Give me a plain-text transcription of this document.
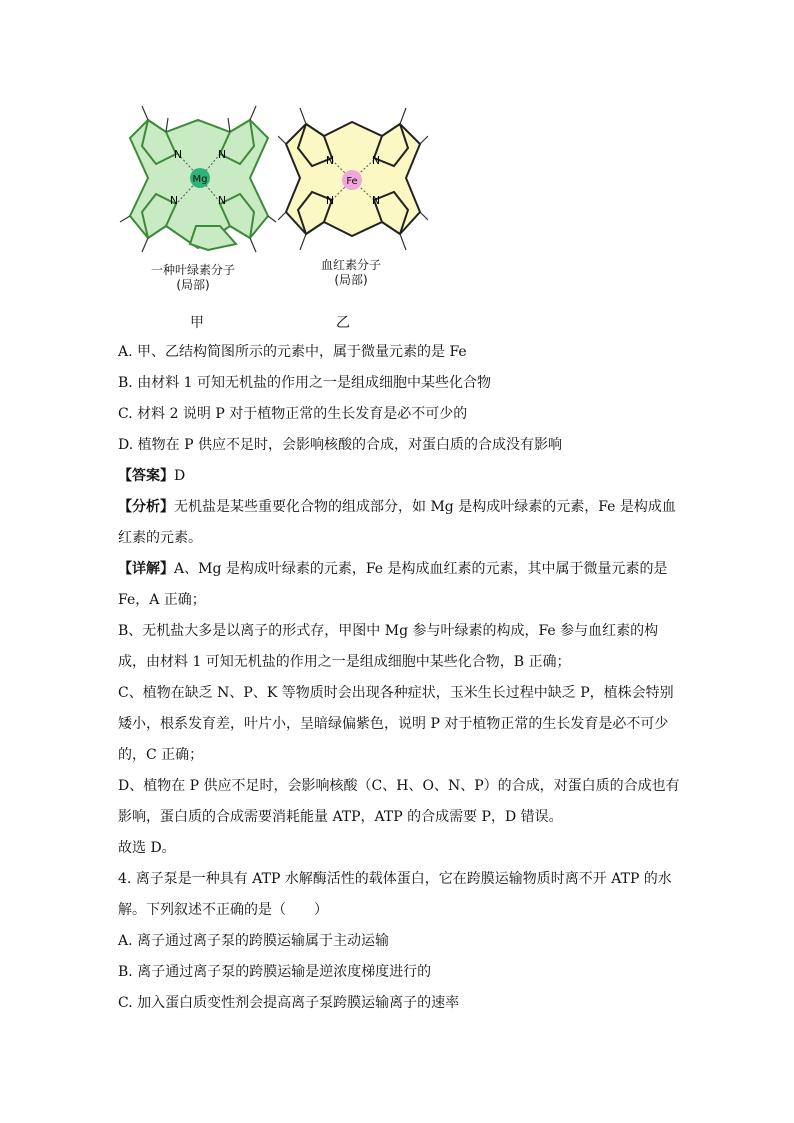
N	N
N	N
Mg
一种叶绿素分子
(局部)
N	N
N	N
Fe
血红素分子
(局部)
甲	乙
A. 甲、乙结构简图所示的元素中，属于微量元素的是 Fe
B. 由材料 1 可知无机盐的作用之一是组成细胞中某些化合物
C. 材料 2 说明 P 对于植物正常的生长发育是必不可少的
D. 植物在 P 供应不足时，会影响核酸的合成，对蛋白质的合成没有影响
【答案】D
【分析】无机盐是某些重要化合物的组成部分，如 Mg 是构成叶绿素的元素，Fe 是构成血
红素的元素。
【详解】A、Mg 是构成叶绿素的元素，Fe 是构成血红素的元素，其中属于微量元素的是
Fe，A 正确；
B、无机盐大多是以离子的形式存，甲图中 Mg 参与叶绿素的构成，Fe 参与血红素的构
成，由材料 1 可知无机盐的作用之一是组成细胞中某些化合物，B 正确；
C、植物在缺乏 N、P、K 等物质时会出现各种症状，玉米生长过程中缺乏 P，植株会特别
矮小，根系发育差，叶片小，呈暗绿偏紫色，说明 P 对于植物正常的生长发育是必不可少
的，C 正确；
D、植物在 P 供应不足时，会影响核酸（C、H、O、N、P）的合成，对蛋白质的合成也有
影响，蛋白质的合成需要消耗能量 ATP，ATP 的合成需要 P，D 错误。
故选 D。
4. 离子泵是一种具有 ATP 水解酶活性的载体蛋白，它在跨膜运输物质时离不开 ATP 的水
解。下列叙述不正确的是（　　）
A. 离子通过离子泵的跨膜运输属于主动运输
B. 离子通过离子泵的跨膜运输是逆浓度梯度进行的
C. 加入蛋白质变性剂会提高离子泵跨膜运输离子的速率
